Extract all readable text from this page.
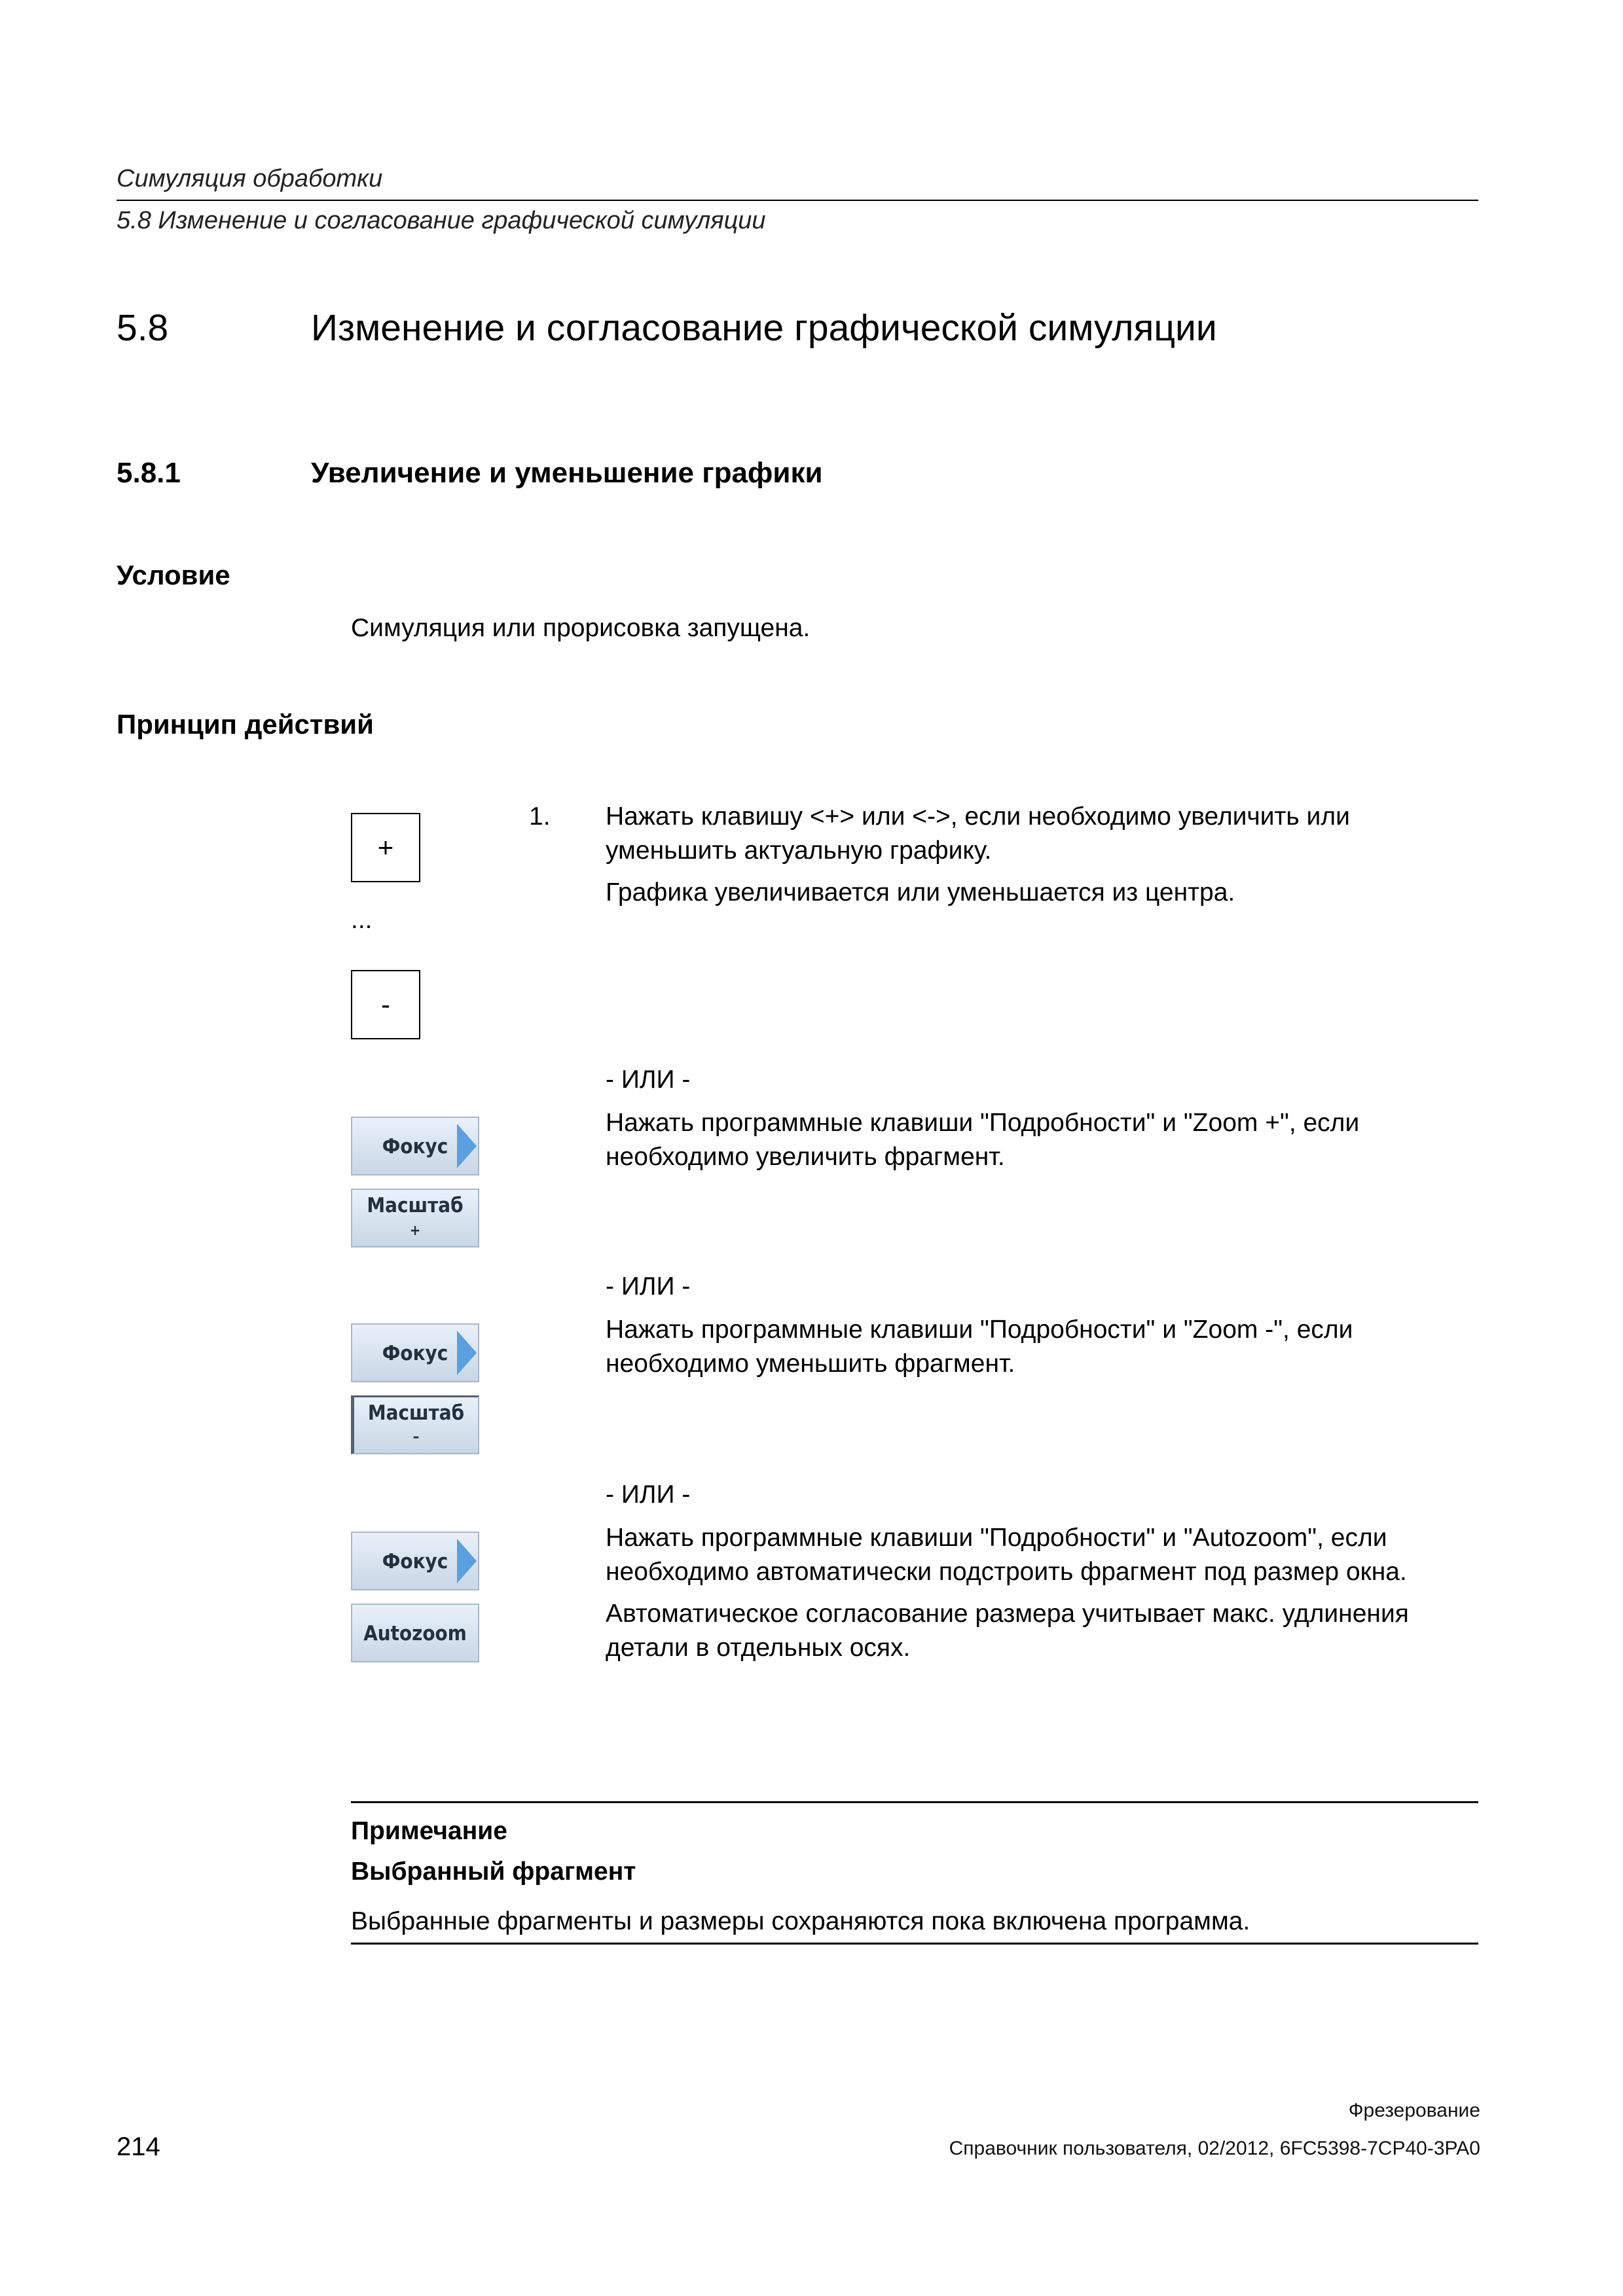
Симуляция обработки
5.8 Изменение и согласование графической симуляции
5.8	Изменение и согласование графической симуляции
5.8.1	Увеличение и уменьшение графики
Условие
Симуляция или прорисовка запущена.
Принцип действий
+
...
-
1. Нажать клавишу <+> или <->, если необходимо увеличить или
уменьшить актуальную графику.
Графика увеличивается или уменьшается из центра.
- ИЛИ -
Нажать программные клавиши "Подробности" и "Zoom +", если
необходимо увеличить фрагмент.
Фокус
Масштаб
+
- ИЛИ -
Нажать программные клавиши "Подробности" и "Zoom -", если
необходимо уменьшить фрагмент.
Фокус
Масштаб
–
- ИЛИ -
Нажать программные клавиши "Подробности" и "Autozoom", если
необходимо автоматически подстроить фрагмент под размер окна.
Автоматическое согласование размера учитывает макс. удлинения
детали в отдельных осях.
Фокус
Autozoom
Примечание
Выбранный фрагмент
Выбранные фрагменты и размеры сохраняются пока включена программа.
Фрезерование
214	Справочник пользователя, 02/2012, 6FC5398-7CP40-3PA0
